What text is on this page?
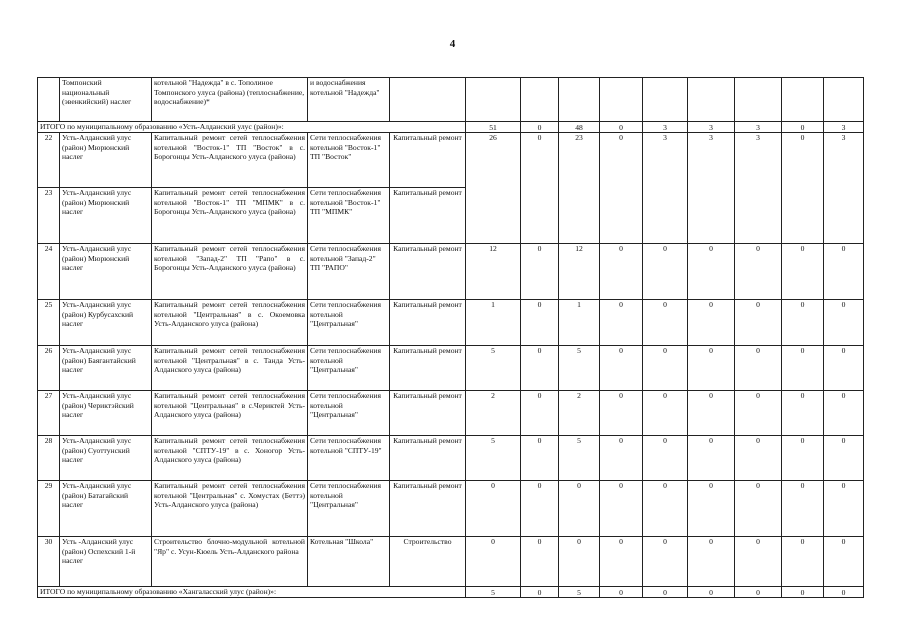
4
	Томпонский национальный (эвенкийский) наслег	котельной "Надежда" в с. Тополиное Томпонского улуса (района) (теплоснабжение, водоснабжение)*	и водоснабжения котельной "Надежда"										
ИТОГО по муниципальному образованию «Усть-Алданский улус (район)»:					51	0	48	0	3	3	3	0	3
22	Усть-Алданский улус (район) Мюрюнский наслег	Капитальный ремонт сетей теплоснабжения котельной "Восток-1" ТП "Восток" в с. Борогонцы Усть-Алданского улуса (района)	Сети теплоснабжения котельной "Восток-1" ТП "Восток"	Капитальный ремонт	26	0	23	0	3	3	3	0	3
23	Усть-Алданский улус (район) Мюрюнский наслег	Капитальный ремонт сетей теплоснабжения котельной "Восток-1" ТП "МПМК" в с. Борогонцы Усть-Алданского улуса (района)	Сети теплоснабжения котельной "Восток-1" ТП "МПМК"	Капитальный ремонт									
24	Усть-Алданский улус (район) Мюрюнский наслег	Капитальный ремонт сетей теплоснабжения котельной "Запад-2" ТП "Рапо" в с. Борогонцы Усть-Алданского улуса (района)	Сети теплоснабжения котельной "Запад-2" ТП "РАПО"	Капитальный ремонт	12	0	12	0	0	0	0	0	0
25	Усть-Алданский улус (район) Курбусахский наслег	Капитальный ремонт сетей теплоснабжения котельной "Центральная" в с. Окоемовка Усть-Алданского улуса (района)	Сети теплоснабжения котельной "Центральная"	Капитальный ремонт	1	0	1	0	0	0	0	0	0
26	Усть-Алданский улус (район) Баягантайский наслег	Капитальный ремонт сетей теплоснабжения котельной "Центральная" в с. Танда Усть-Алданского улуса (района)	Сети теплоснабжения котельной "Центральная"	Капитальный ремонт	5	0	5	0	0	0	0	0	0
27	Усть-Алданский улус (район) Чериктэйский наслег	Капитальный ремонт сетей теплоснабжения котельной "Центральная" в с.Чериктей Усть-Алданского улуса (района)	Сети теплоснабжения котельной "Центральная"	Капитальный ремонт	2	0	2	0	0	0	0	0	0
28	Усть-Алданский улус (район) Суоттунский наслег	Капитальный ремонт сетей теплоснабжения котельной "СПТУ-19" в с. Хоногор Усть-Алданского улуса (района)	Сети теплоснабжения котельной "СПТУ-19"	Капитальный ремонт	5	0	5	0	0	0	0	0	0
29	Усть-Алданский улус (район) Батагайский наслег	Капитальный ремонт сетей теплоснабжения котельной "Центральная" с. Хомустах (Беттэ) Усть-Алданского улуса (района)	Сети теплоснабжения котельной "Центральная"	Капитальный ремонт	0	0	0	0	0	0	0	0	0
30	Усть -Алданский улус (район) Оспехский 1-й наслег	Строительство блочно-модульной котельной "Яр" с. Усун-Кюель Усть-Алданского района	Котельная "Школа"	Строительство	0	0	0	0	0	0	0	0	0
ИТОГО по муниципальному образованию «Хангаласский улус (район)»:					5	0	5	0	0	0	0	0	0
